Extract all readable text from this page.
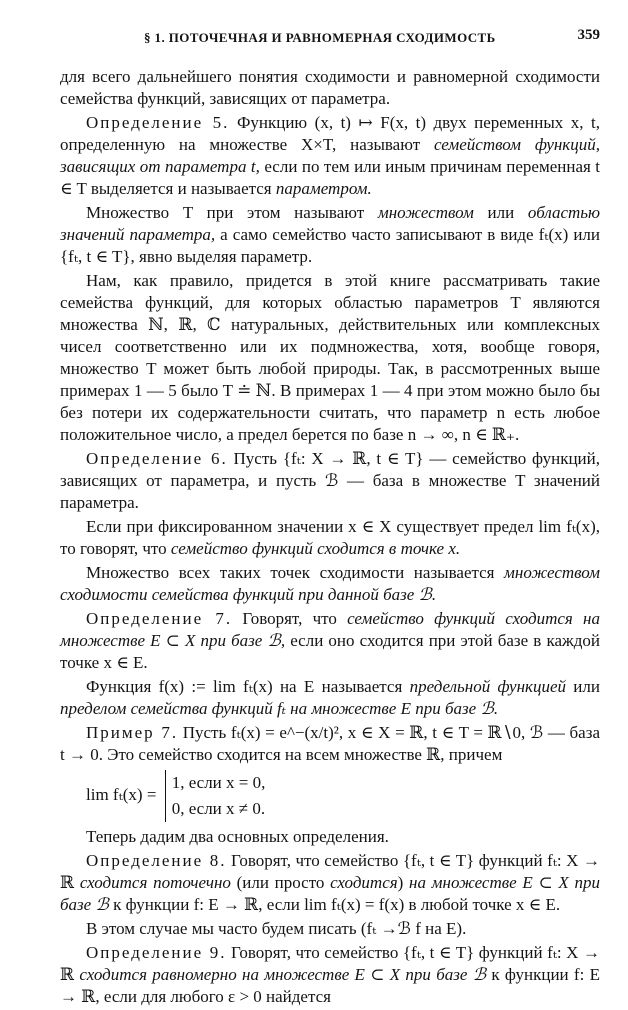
§ 1. ПОТОЧЕЧНАЯ И РАВНОМЕРНАЯ СХОДИМОСТЬ	359

для всего дальнейшего понятия сходимости и равномерной сходимости семейства функций, зависящих от параметра.

Определение 5. Функцию (x, t) ↦ F(x, t) двух переменных x, t, определенную на множестве X×T, называют семейством функций, зависящих от параметра t, если по тем или иным причинам переменная t ∈ T выделяется и называется параметром.

Множество T при этом называют множеством или областью значений параметра, а само семейство часто записывают в виде fₜ(x) или {fₜ, t ∈ T}, явно выделяя параметр.

Нам, как правило, придется в этой книге рассматривать такие семейства функций, для которых областью параметров T являются множества ℕ, ℝ, ℂ натуральных, действительных или комплексных чисел соответственно или их подмножества, хотя, вообще говоря, множество T может быть любой природы. Так, в рассмотренных выше примерах 1 — 5 было T ≐ ℕ. В примерах 1 — 4 при этом можно было бы без потери их содержательности считать, что параметр n есть любое положительное число, а предел берется по базе n → ∞, n ∈ ℝ₊.

Определение 6. Пусть {fₜ: X → ℝ, t ∈ T} — семейство функций, зависящих от параметра, и пусть ℬ — база в множестве T значений параметра.

Если при фиксированном значении x ∈ X существует предел lim fₜ(x), то говорят, что семейство функций сходится в точке x.

Множество всех таких точек сходимости называется множеством сходимости семейства функций при данной базе ℬ.

Определение 7. Говорят, что семейство функций сходится на множестве E ⊂ X при базе ℬ, если оно сходится при этой базе в каждой точке x ∈ E.

Функция f(x) := lim fₜ(x) на E называется предельной функцией или пределом семейства функций fₜ на множестве E при базе ℬ.

Пример 7. Пусть fₜ(x) = e^−(x/t)², x ∈ X = ℝ, t ∈ T = ℝ∖0, ℬ — база t → 0. Это семейство сходится на всем множестве ℝ, причем

lim fₜ(x) = 1, если x = 0,
0, если x ≠ 0.

Теперь дадим два основных определения.

Определение 8. Говорят, что семейство {fₜ, t ∈ T} функций fₜ: X → ℝ сходится поточечно (или просто сходится) на множестве E ⊂ X при базе ℬ к функции f: E → ℝ, если lim fₜ(x) = f(x) в любой точке x ∈ E.

В этом случае мы часто будем писать (fₜ →ℬ f на E).

Определение 9. Говорят, что семейство {fₜ, t ∈ T} функций fₜ: X → ℝ сходится равномерно на множестве E ⊂ X при базе ℬ к функции f: E → ℝ, если для любого ε > 0 найдется
